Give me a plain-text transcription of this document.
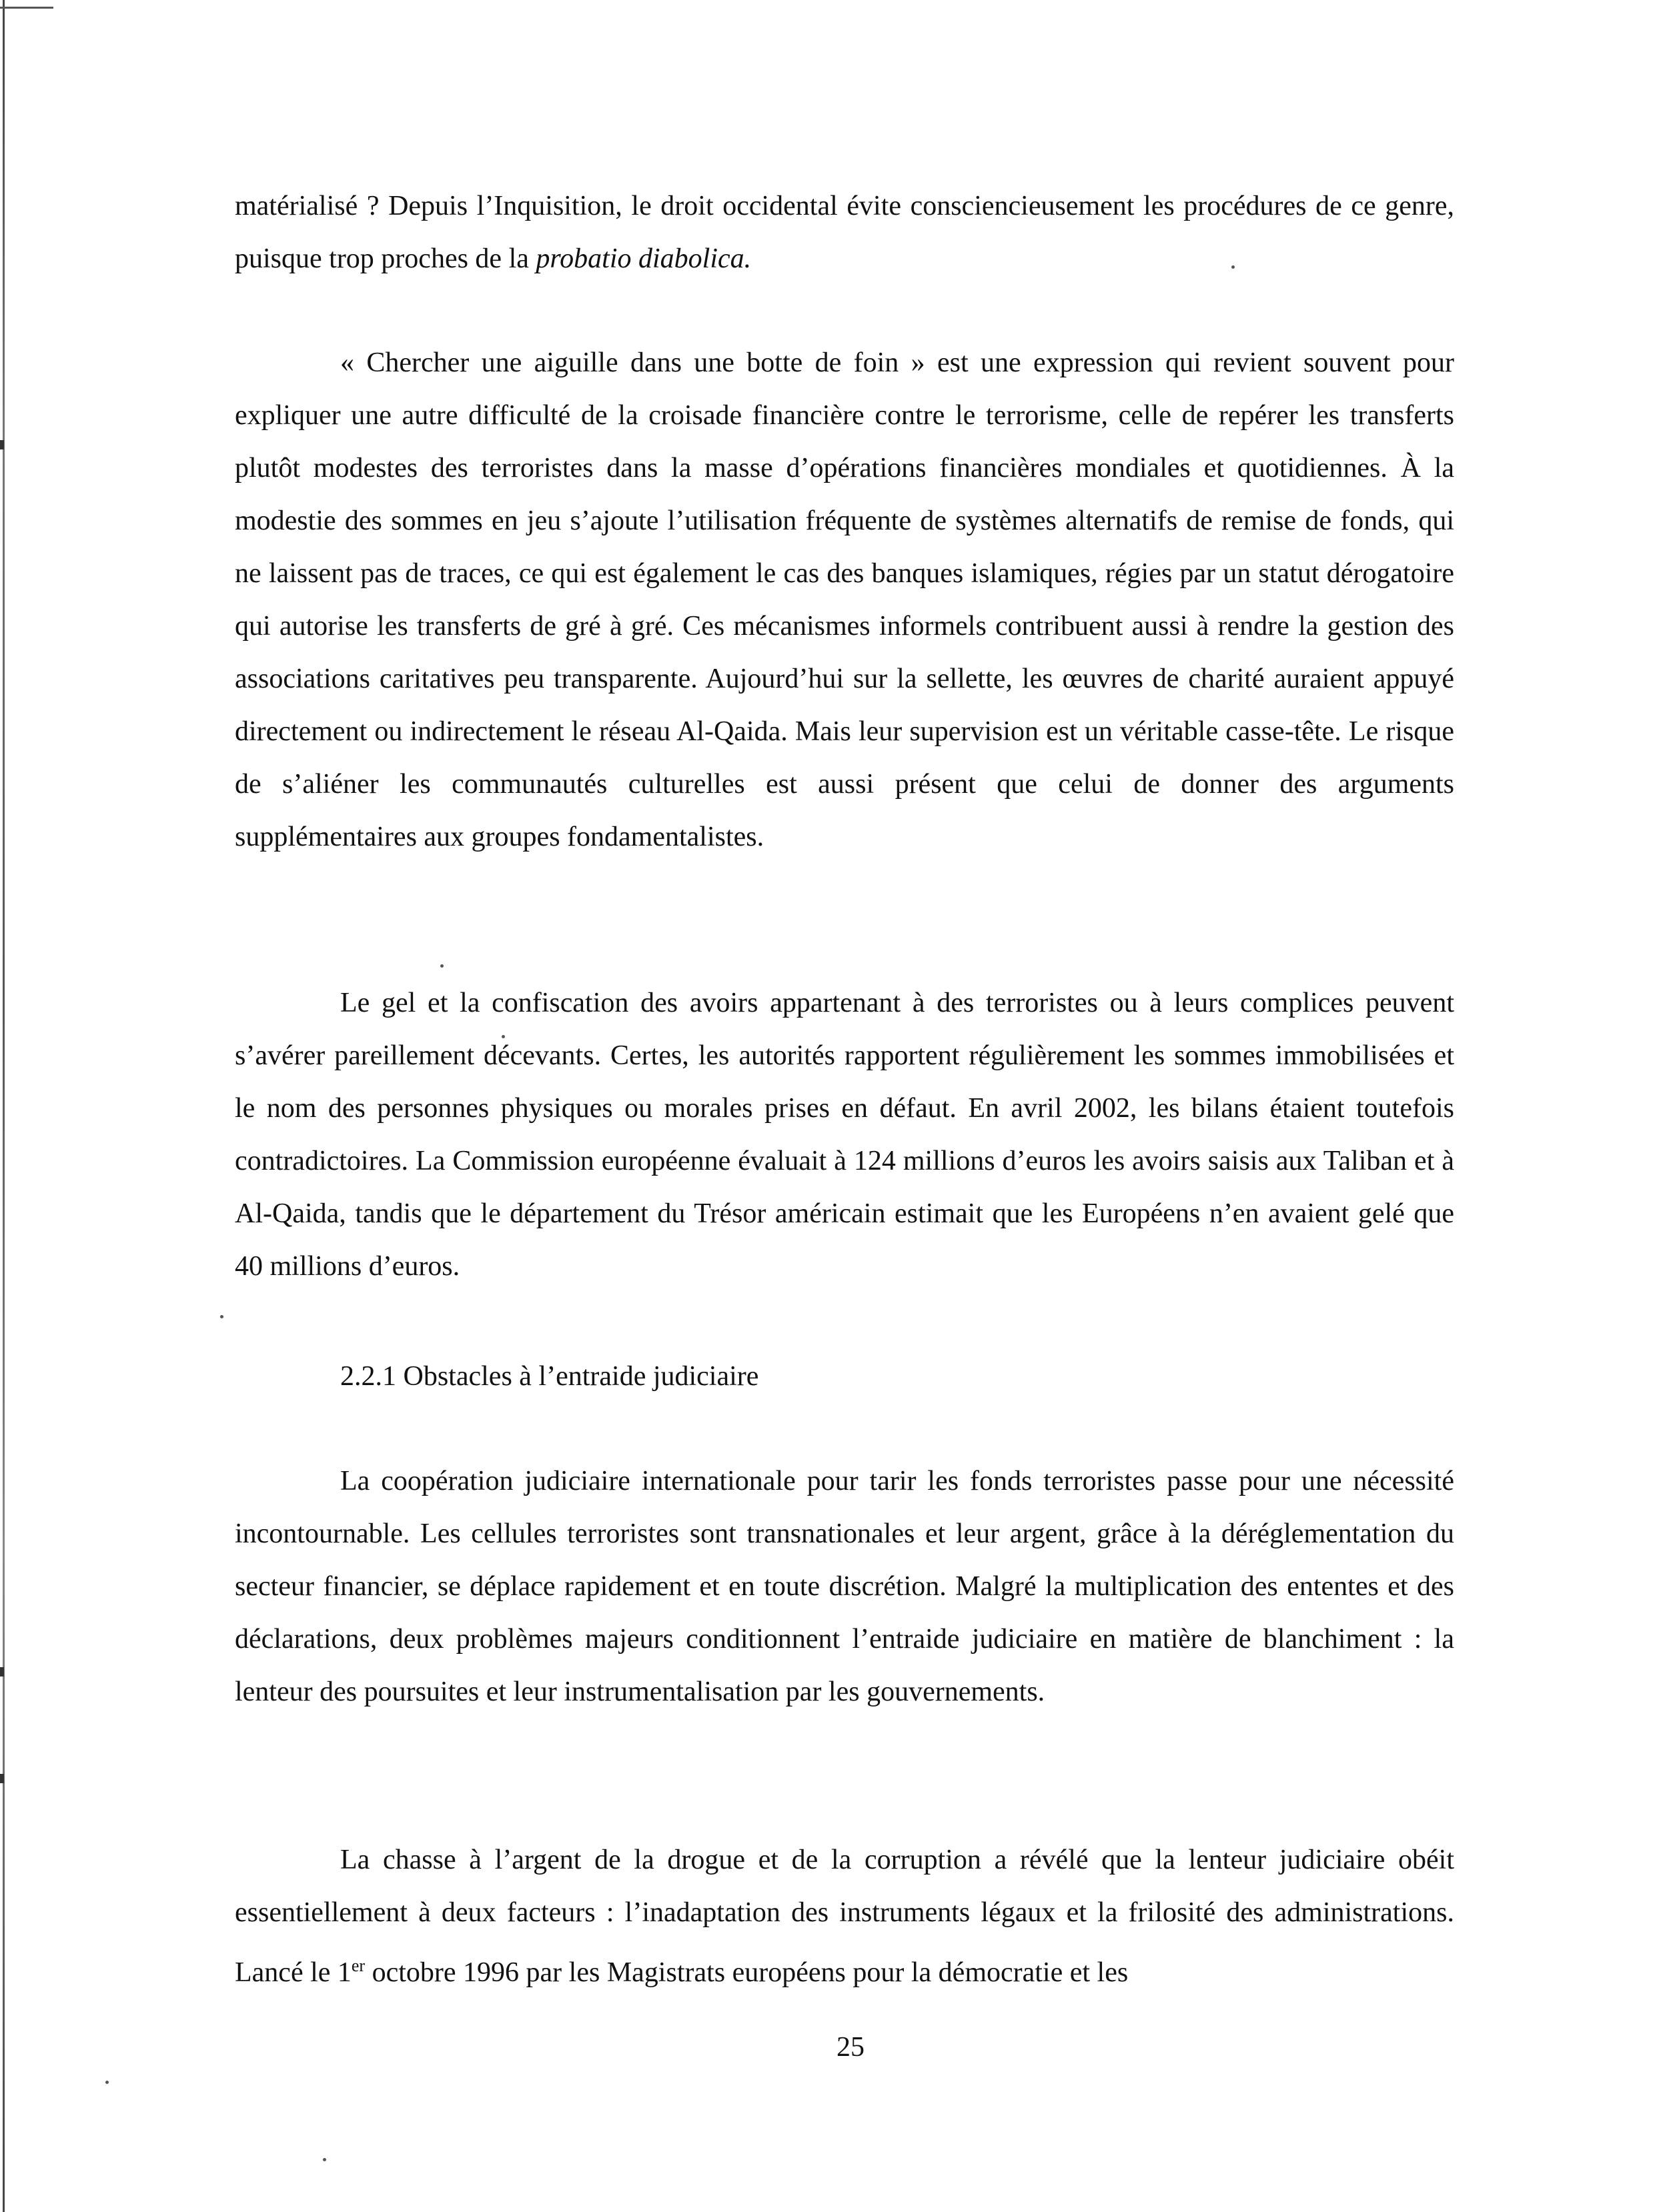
matérialisé ? Depuis l’Inquisition, le droit occidental évite consciencieusement les procédures de ce genre, puisque trop proches de la probatio diabolica.

« Chercher une aiguille dans une botte de foin » est une expression qui revient souvent pour expliquer une autre difficulté de la croisade financière contre le terrorisme, celle de repérer les transferts plutôt modestes des terroristes dans la masse d’opérations financières mondiales et quotidiennes. À la modestie des sommes en jeu s’ajoute l’utilisation fréquente de systèmes alternatifs de remise de fonds, qui ne laissent pas de traces, ce qui est également le cas des banques islamiques, régies par un statut dérogatoire qui autorise les transferts de gré à gré. Ces mécanismes informels contribuent aussi à rendre la gestion des associations caritatives peu transparente. Aujourd’hui sur la sellette, les œuvres de charité auraient appuyé directement ou indirectement le réseau Al-Qaida. Mais leur supervision est un véritable casse-tête. Le risque de s’aliéner les communautés culturelles est aussi présent que celui de donner des arguments supplémentaires aux groupes fondamentalistes.

Le gel et la confiscation des avoirs appartenant à des terroristes ou à leurs complices peuvent s’avérer pareillement décevants. Certes, les autorités rapportent régulièrement les sommes immobilisées et le nom des personnes physiques ou morales prises en défaut. En avril 2002, les bilans étaient toutefois contradictoires. La Commission européenne évaluait à 124 millions d’euros les avoirs saisis aux Taliban et à Al-Qaida, tandis que le département du Trésor américain estimait que les Européens n’en avaient gelé que 40 millions d’euros.

2.2.1 Obstacles à l’entraide judiciaire

La coopération judiciaire internationale pour tarir les fonds terroristes passe pour une nécessité incontournable. Les cellules terroristes sont transnationales et leur argent, grâce à la déréglementation du secteur financier, se déplace rapidement et en toute discrétion. Malgré la multiplication des ententes et des déclarations, deux problèmes majeurs conditionnent l’entraide judiciaire en matière de blanchiment : la lenteur des poursuites et leur instrumentalisation par les gouvernements.

La chasse à l’argent de la drogue et de la corruption a révélé que la lenteur judiciaire obéit essentiellement à deux facteurs : l’inadaptation des instruments légaux et la frilosité des administrations. Lancé le 1er octobre 1996 par les Magistrats européens pour la démocratie et les

25
